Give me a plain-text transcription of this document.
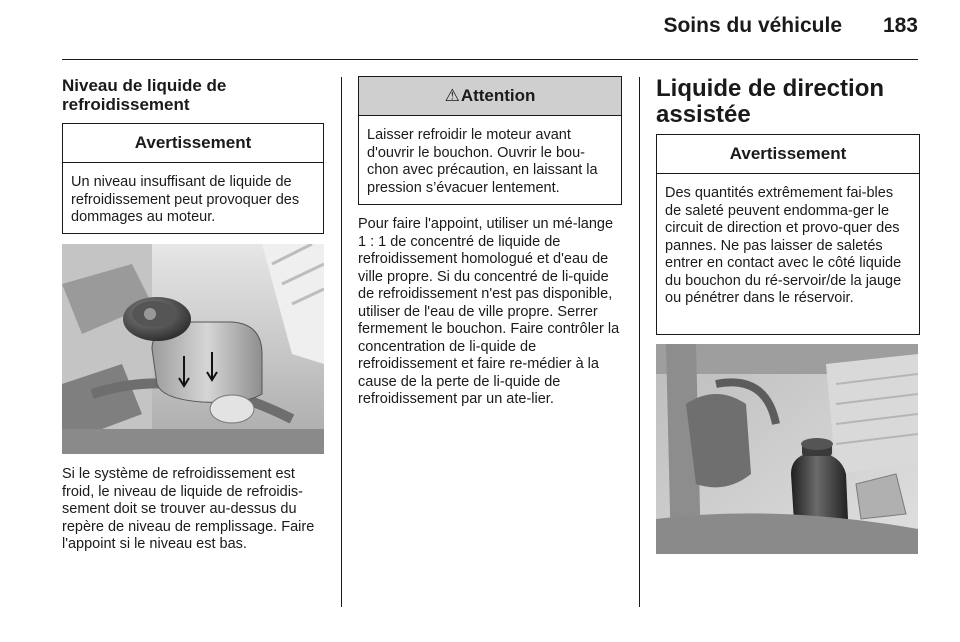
Soins du véhicule 183
Niveau de liquide de refroidissement
Avertissement
Un niveau insuffisant de liquide de refroidissement peut provoquer des dommages au moteur.

Si le système de refroidissement est froid, le niveau de liquide de refroidis-sement doit se trouver au-dessus du repère de niveau de remplissage. Faire l'appoint si le niveau est bas.

⚠ Attention
Laisser refroidir le moteur avant d'ouvrir le bouchon. Ouvrir le bou-chon avec précaution, en laissant la pression s’évacuer lentement.

Pour faire l'appoint, utiliser un mé-lange 1 : 1 de concentré de liquide de refroidissement homologué et d'eau de ville propre. Si du concentré de li-quide de refroidissement n'est pas disponible, utiliser de l'eau de ville propre. Serrer fermement le bouchon. Faire contrôler la concentration de li-quide de refroidissement et faire re-médier à la cause de la perte de li-quide de refroidissement par un ate-lier.

Liquide de direction assistée
Avertissement
Des quantités extrêmement fai-bles de saleté peuvent endomma-ger le circuit de direction et provo-quer des pannes. Ne pas laisser de saletés entrer en contact avec le côté liquide du bouchon du ré-servoir/de la jauge ou pénétrer dans le réservoir.
